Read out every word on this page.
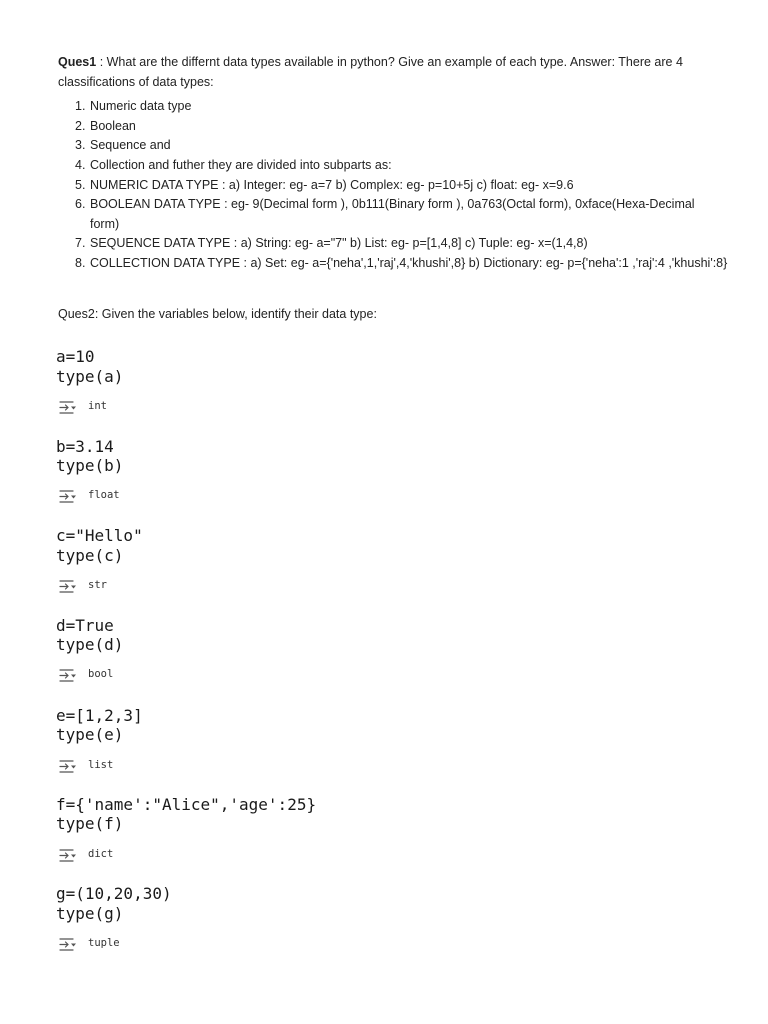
Ques1 : What are the differnt data types available in python? Give an example of each type. Answer: There are 4
classifications of data types:
1. Numeric data type
2. Boolean
3. Sequence and
4. Collection and futher they are divided into subparts as:
5. NUMERIC DATA TYPE : a) Integer: eg- a=7 b) Complex: eg- p=10+5j c) float: eg- x=9.6
6. BOOLEAN DATA TYPE : eg- 9(Decimal form ), 0b111(Binary form ), 0a763(Octal form), 0xface(Hexa-Decimal
form)
7. SEQUENCE DATA TYPE : a) String: eg- a="7" b) List: eg- p=[1,4,8] c) Tuple: eg- x=(1,4,8)
8. COLLECTION DATA TYPE : a) Set: eg- a={'neha',1,'raj',4,'khushi',8} b) Dictionary: eg- p={'neha':1 ,'raj':4 ,'khushi':8}
Ques2: Given the variables below, identify their data type:
a=10
type(a)
int
b=3.14
type(b)
float
c="Hello"
type(c)
str
d=True
type(d)
bool
e=[1,2,3]
type(e)
list
f={'name':"Alice",'age':25}
type(f)
dict
g=(10,20,30)
type(g)
tuple
